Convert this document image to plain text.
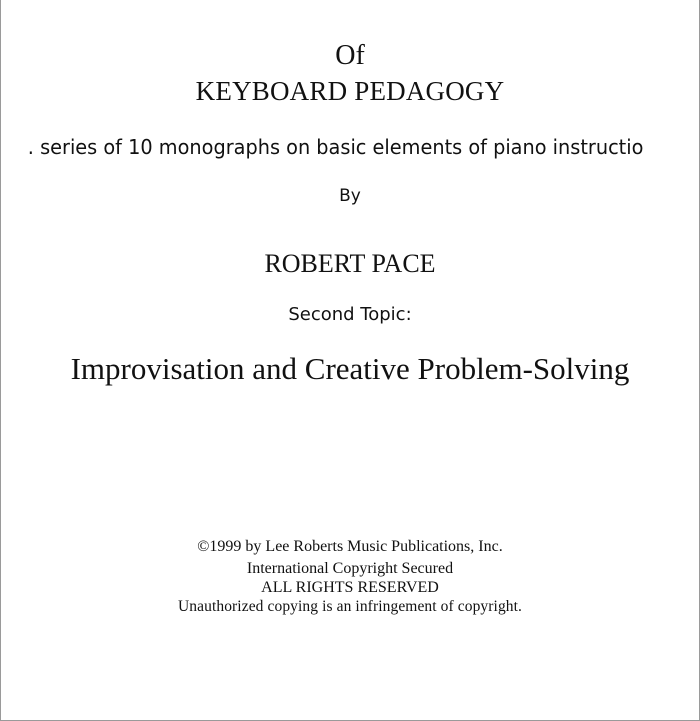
Of

KEYBOARD PEDAGOGY

. series of 10 monographs on basic elements of piano instructio

By

ROBERT PACE

Second Topic:

Improvisation and Creative Problem-Solving

©1999 by Lee Roberts Music Publications, Inc.
International Copyright Secured
ALL RIGHTS RESERVED
Unauthorized copying is an infringement of copyright.
